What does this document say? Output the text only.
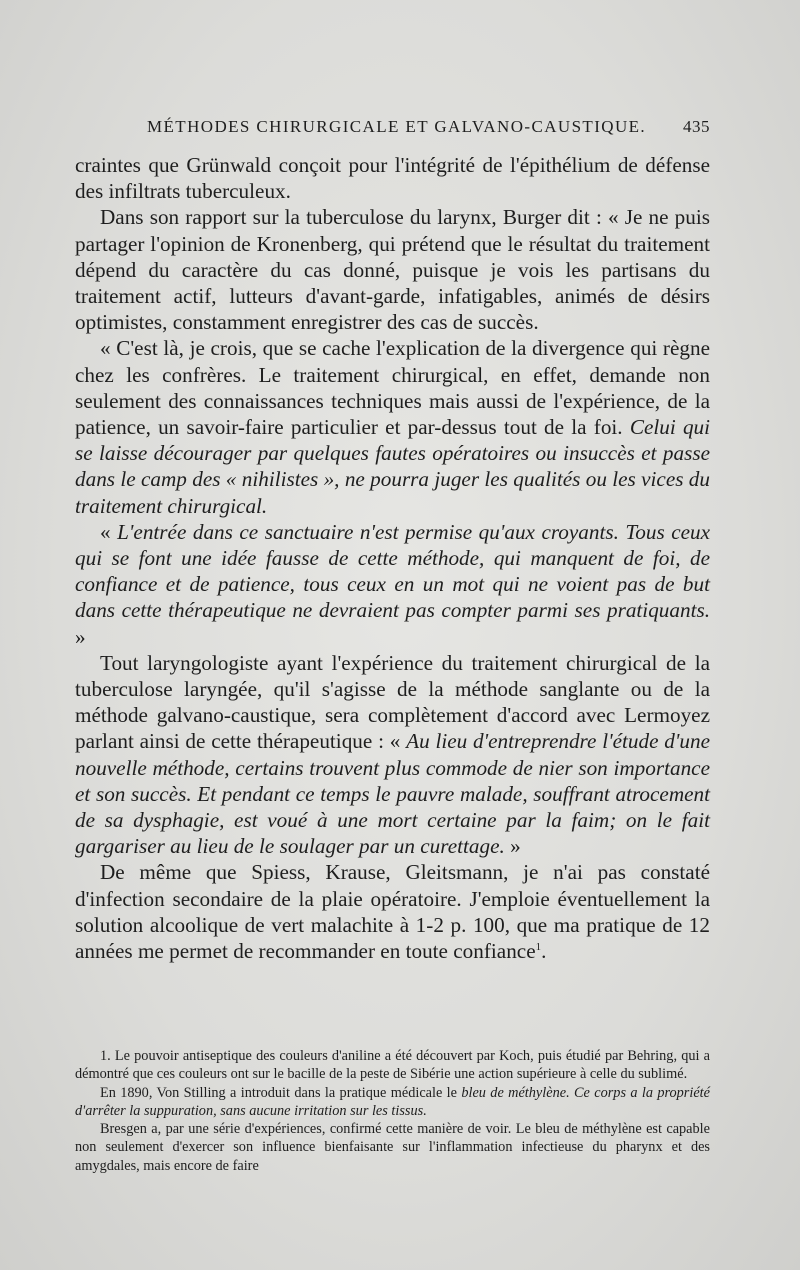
MÉTHODES CHIRURGICALE ET GALVANO-CAUSTIQUE. 435

craintes que Grünwald conçoit pour l'intégrité de l'épithélium de défense des infiltrats tuberculeux.

Dans son rapport sur la tuberculose du larynx, Burger dit : « Je ne puis partager l'opinion de Kronenberg, qui prétend que le résultat du traitement dépend du caractère du cas donné, puisque je vois les partisans du traitement actif, lutteurs d'avant-garde, infatigables, animés de désirs optimistes, constamment enregistrer des cas de succès.

« C'est là, je crois, que se cache l'explication de la divergence qui règne chez les confrères. Le traitement chirurgical, en effet, demande non seulement des connaissances techniques mais aussi de l'expérience, de la patience, un savoir-faire particulier et par-dessus tout de la foi. Celui qui se laisse décourager par quelques fautes opératoires ou insuccès et passe dans le camp des « nihilistes », ne pourra juger les qualités ou les vices du traitement chirurgical.

« L'entrée dans ce sanctuaire n'est permise qu'aux croyants. Tous ceux qui se font une idée fausse de cette méthode, qui manquent de foi, de confiance et de patience, tous ceux en un mot qui ne voient pas de but dans cette thérapeutique ne devraient pas compter parmi ses pratiquants. »

Tout laryngologiste ayant l'expérience du traitement chirurgical de la tuberculose laryngée, qu'il s'agisse de la méthode sanglante ou de la méthode galvano-caustique, sera complètement d'accord avec Lermoyez parlant ainsi de cette thérapeutique : « Au lieu d'entreprendre l'étude d'une nouvelle méthode, certains trouvent plus commode de nier son importance et son succès. Et pendant ce temps le pauvre malade, souffrant atrocement de sa dysphagie, est voué à une mort certaine par la faim; on le fait gargariser au lieu de le soulager par un curettage. »

De même que Spiess, Krause, Gleitsmann, je n'ai pas constaté d'infection secondaire de la plaie opératoire. J'emploie éventuellement la solution alcoolique de vert malachite à 1-2 p. 100, que ma pratique de 12 années me permet de recommander en toute confiance$^1$.

1. Le pouvoir antiseptique des couleurs d'aniline a été découvert par Koch, puis étudié par Behring, qui a démontré que ces couleurs ont sur le bacille de la peste de Sibérie une action supérieure à celle du sublimé.

En 1890, Von Stilling a introduit dans la pratique médicale le bleu de méthylène. Ce corps a la propriété d'arrêter la suppuration, sans aucune irritation sur les tissus.

Bresgen a, par une série d'expériences, confirmé cette manière de voir. Le bleu de méthylène est capable non seulement d'exercer son influence bienfaisante sur l'inflammation infectieuse du pharynx et des amygdales, mais encore de faire
